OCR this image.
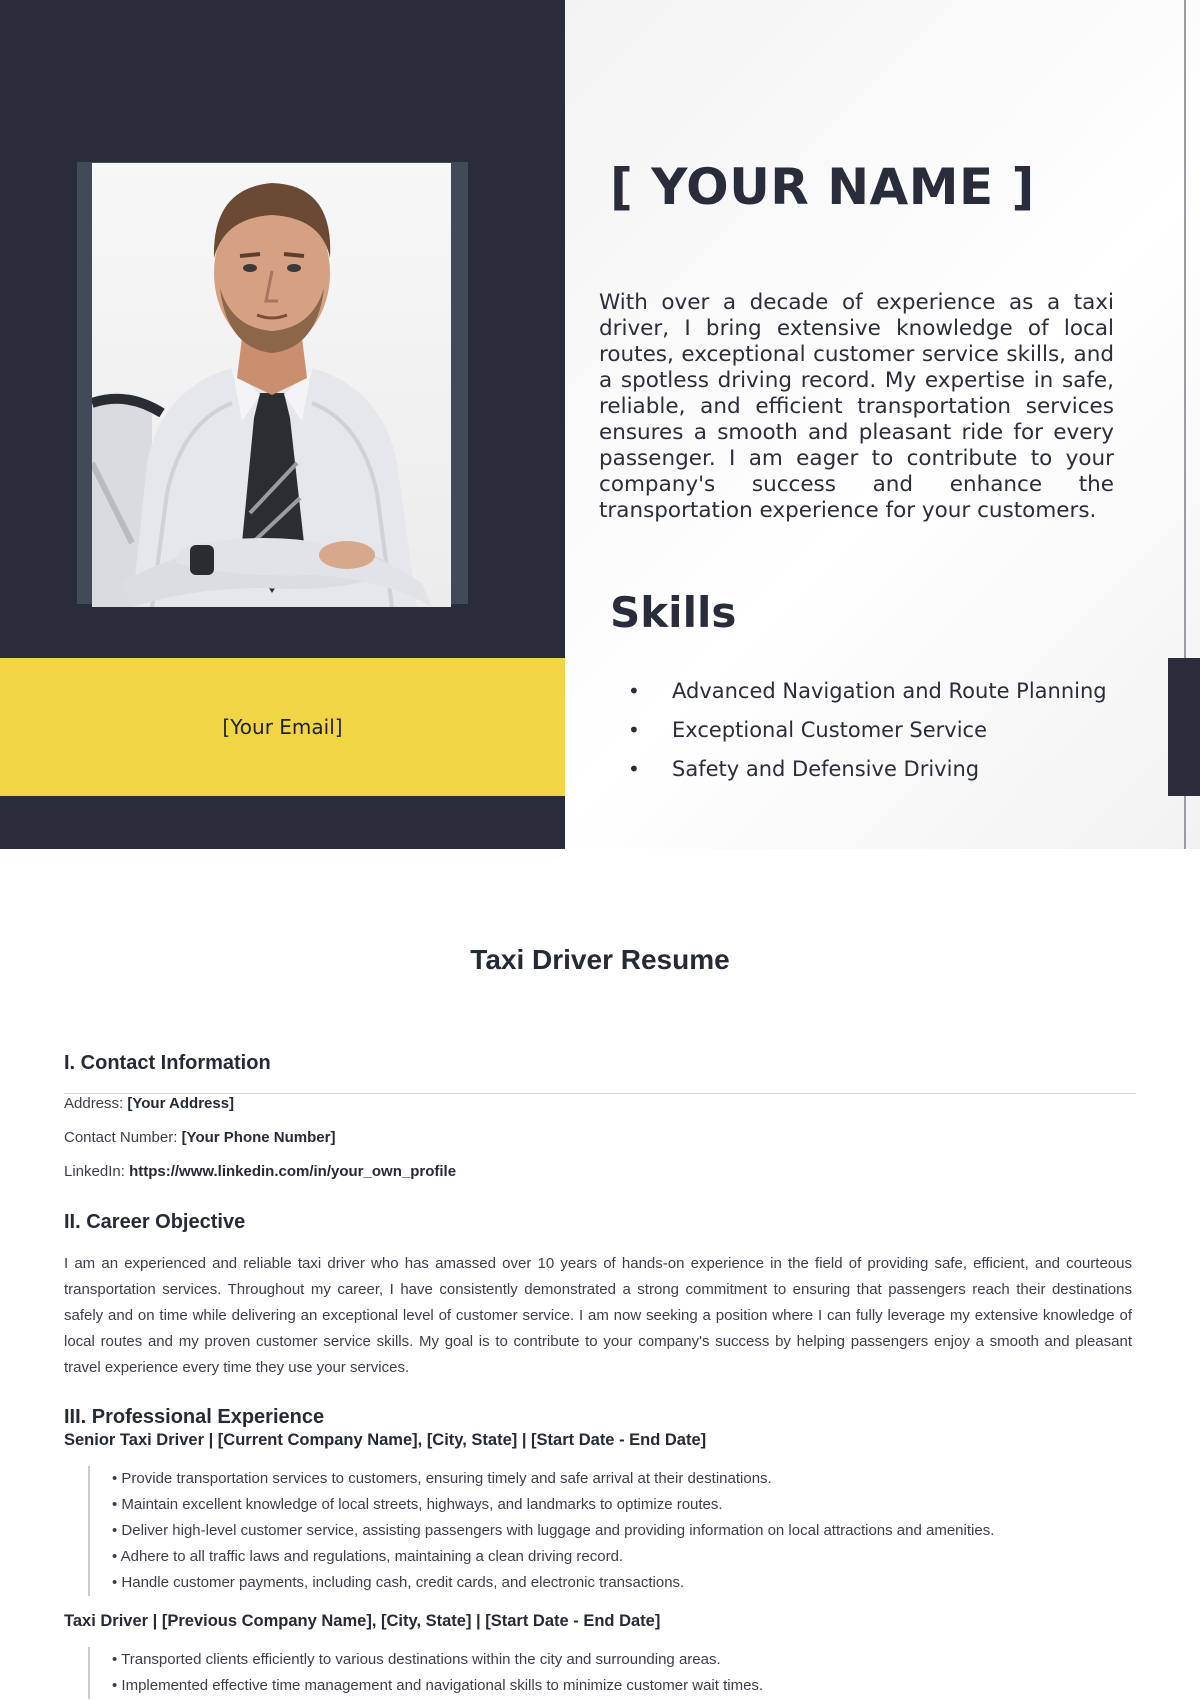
[Your Email]
[ YOUR NAME ]

With over a decade of experience as a taxi driver, I bring extensive knowledge of local routes, exceptional customer service skills, and a spotless driving record. My expertise in safe, reliable, and efficient transportation services ensures a smooth and pleasant ride for every passenger. I am eager to contribute to your company's success and enhance the transportation experience for your customers.

Skills
• Advanced Navigation and Route Planning
• Exceptional Customer Service
• Safety and Defensive Driving
Taxi Driver Resume
I. Contact Information
Address: [Your Address]
Contact Number: [Your Phone Number]
LinkedIn: https://www.linkedin.com/in/your_own_profile
II. Career Objective

I am an experienced and reliable taxi driver who has amassed over 10 years of hands-on experience in the field of providing safe, efficient, and courteous transportation services. Throughout my career, I have consistently demonstrated a strong commitment to ensuring that passengers reach their destinations safely and on time while delivering an exceptional level of customer service. I am now seeking a position where I can fully leverage my extensive knowledge of local routes and my proven customer service skills. My goal is to contribute to your company's success by helping passengers enjoy a smooth and pleasant travel experience every time they use your services.

III. Professional Experience
Senior Taxi Driver | [Current Company Name], [City, State] | [Start Date - End Date]
• Provide transportation services to customers, ensuring timely and safe arrival at their destinations.
• Maintain excellent knowledge of local streets, highways, and landmarks to optimize routes.
• Deliver high-level customer service, assisting passengers with luggage and providing information on local attractions and amenities.
• Adhere to all traffic laws and regulations, maintaining a clean driving record.
• Handle customer payments, including cash, credit cards, and electronic transactions.
Taxi Driver | [Previous Company Name], [City, State] | [Start Date - End Date]
• Transported clients efficiently to various destinations within the city and surrounding areas.
• Implemented effective time management and navigational skills to minimize customer wait times.
